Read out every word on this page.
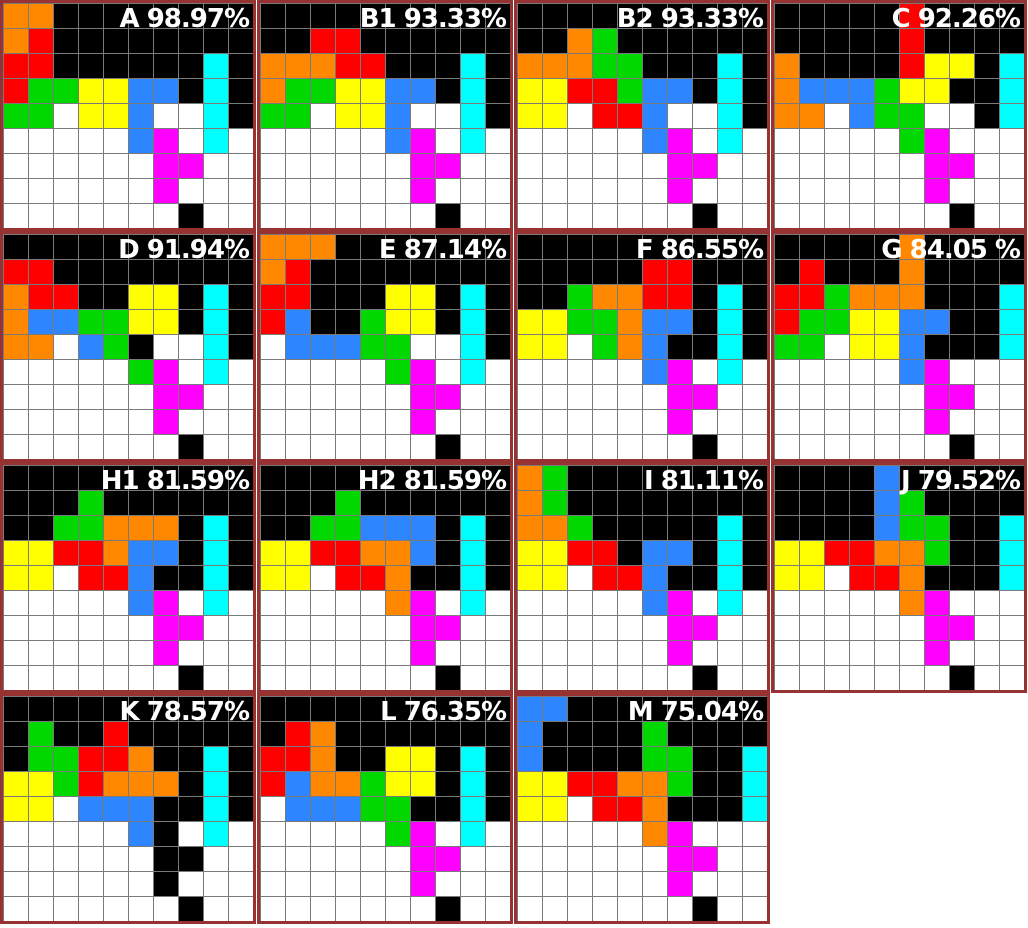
A 98.97%	B1 93.33%	B2 93.33%	C 92.26%
D 91.94%	E 87.14%	F 86.55%	G 84.05 %
H1 81.59%	H2 81.59%	I 81.11%	J 79.52%
K 78.57%	L 76.35%	M 75.04%
